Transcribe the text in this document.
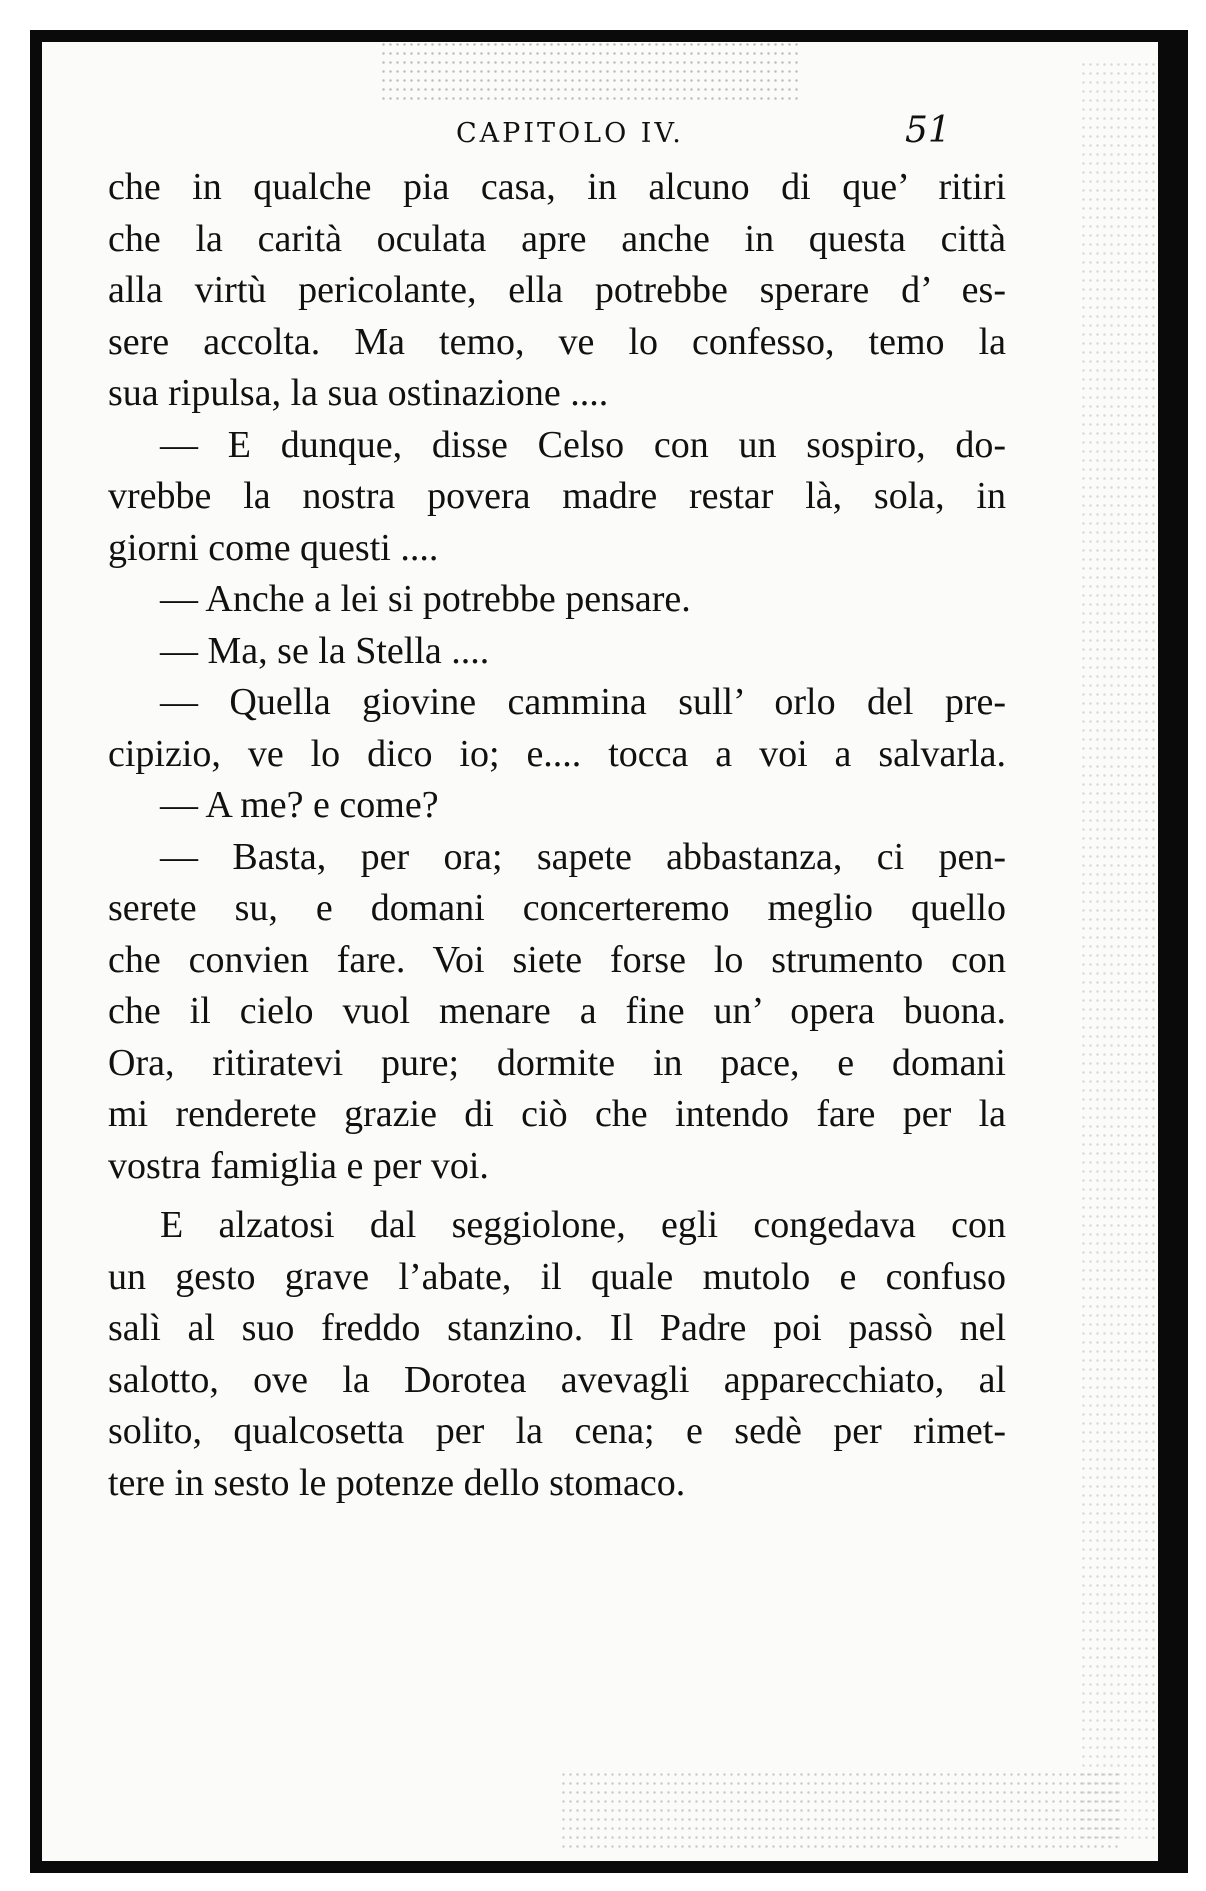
CAPITOLO IV.	51
che in qualche pia casa, in alcuno di que’ ritiri
che la carità oculata apre anche in questa città
alla virtù pericolante, ella potrebbe sperare d’ es-
sere accolta. Ma temo, ve lo confesso, temo la
sua ripulsa, la sua ostinazione ....
— E dunque, disse Celso con un sospiro, do-
vrebbe la nostra povera madre restar là, sola, in
giorni come questi ....
— Anche a lei si potrebbe pensare.
— Ma, se la Stella ....
— Quella giovine cammina sull’ orlo del pre-
cipizio, ve lo dico io; e.... tocca a voi a salvarla.
— A me? e come?
— Basta, per ora; sapete abbastanza, ci pen-
serete su, e domani concerteremo meglio quello
che convien fare. Voi siete forse lo strumento con
che il cielo vuol menare a fine un’ opera buona.
Ora, ritiratevi pure; dormite in pace, e domani
mi renderete grazie di ciò che intendo fare per la
vostra famiglia e per voi.
E alzatosi dal seggiolone, egli congedava con
un gesto grave l’abate, il quale mutolo e confuso
salì al suo freddo stanzino. Il Padre poi passò nel
salotto, ove la Dorotea avevagli apparecchiato, al
solito, qualcosetta per la cena; e sedè per rimet-
tere in sesto le potenze dello stomaco.
